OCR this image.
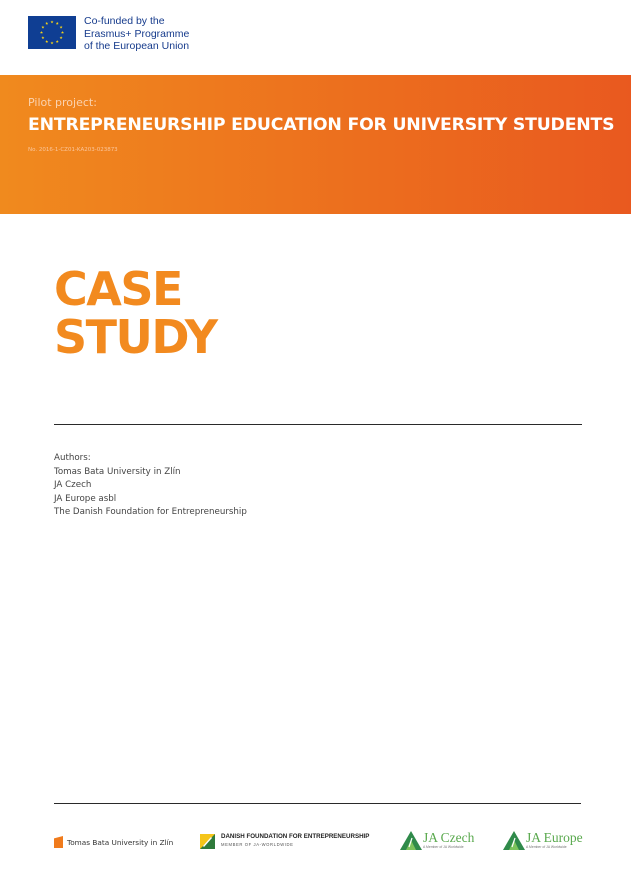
Co-funded by the
Erasmus+ Programme
of the European Union
Pilot project:
ENTREPRENEURSHIP EDUCATION FOR UNIVERSITY STUDENTS
No. 2016-1-CZ01-KA203-023873
CASE
STUDY
Authors:
Tomas Bata University in Zlín
JA Czech
JA Europe asbl
The Danish Foundation for Entrepreneurship
Tomas Bata University in Zlín
DANISH FOUNDATION FOR ENTREPRENEURSHIP
MEMBER OF JA-WORLDWIDE	JA Czech
A Member of JA Worldwide
JA Europe
A Member of JA Worldwide
